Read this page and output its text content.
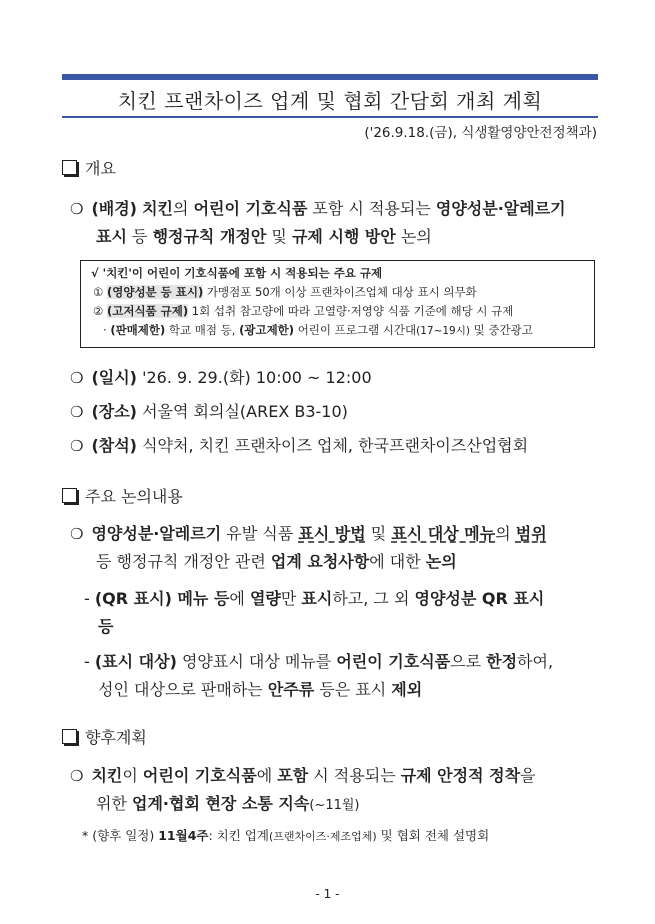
치킨 프랜차이즈 업계 및 협회 간담회 개최 계획
('26.9.18.(금), 식생활영양안전정책과)
개요
❍ (배경) 치킨의 어린이 기호식품 포함 시 적용되는 영양성분·알레르기
표시 등 행정규칙 개정안 및 규제 시행 방안 논의
√ '치킨'이 어린이 기호식품에 포함 시 적용되는 주요 규제
① (영양성분 등 표시) 가맹점포 50개 이상 프랜차이즈업체 대상 표시 의무화
② (고저식품 규제) 1회 섭취 참고량에 따라 고열량·저영양 식품 기준에 해당 시 규제
· (판매제한) 학교 매점 등, (광고제한) 어린이 프로그램 시간대(17~19시) 및 중간광고
❍ (일시) '26. 9. 29.(화) 10:00 ~ 12:00
❍ (장소) 서울역 회의실(AREX B3-10)
❍ (참석) 식약처, 치킨 프랜차이즈 업체, 한국프랜차이즈산업협회
주요 논의내용
❍ 영양성분·알레르기 유발 식품 표시 방법 및 표시 대상 메뉴의 범위
등 행정규칙 개정안 관련 업계 요청사항에 대한 논의
- (QR 표시) 메뉴 등에 열량만 표시하고, 그 외 영양성분 QR 표시
등
- (표시 대상) 영양표시 대상 메뉴를 어린이 기호식품으로 한정하여,
성인 대상으로 판매하는 안주류 등은 표시 제외
향후계획
❍ 치킨이 어린이 기호식품에 포함 시 적용되는 규제 안정적 정착을
위한 업계·협회 현장 소통 지속(~11월)
* (향후 일정) 11월4주: 치킨 업계(프랜차이즈·제조업체) 및 협회 전체 설명회
- 1 -
